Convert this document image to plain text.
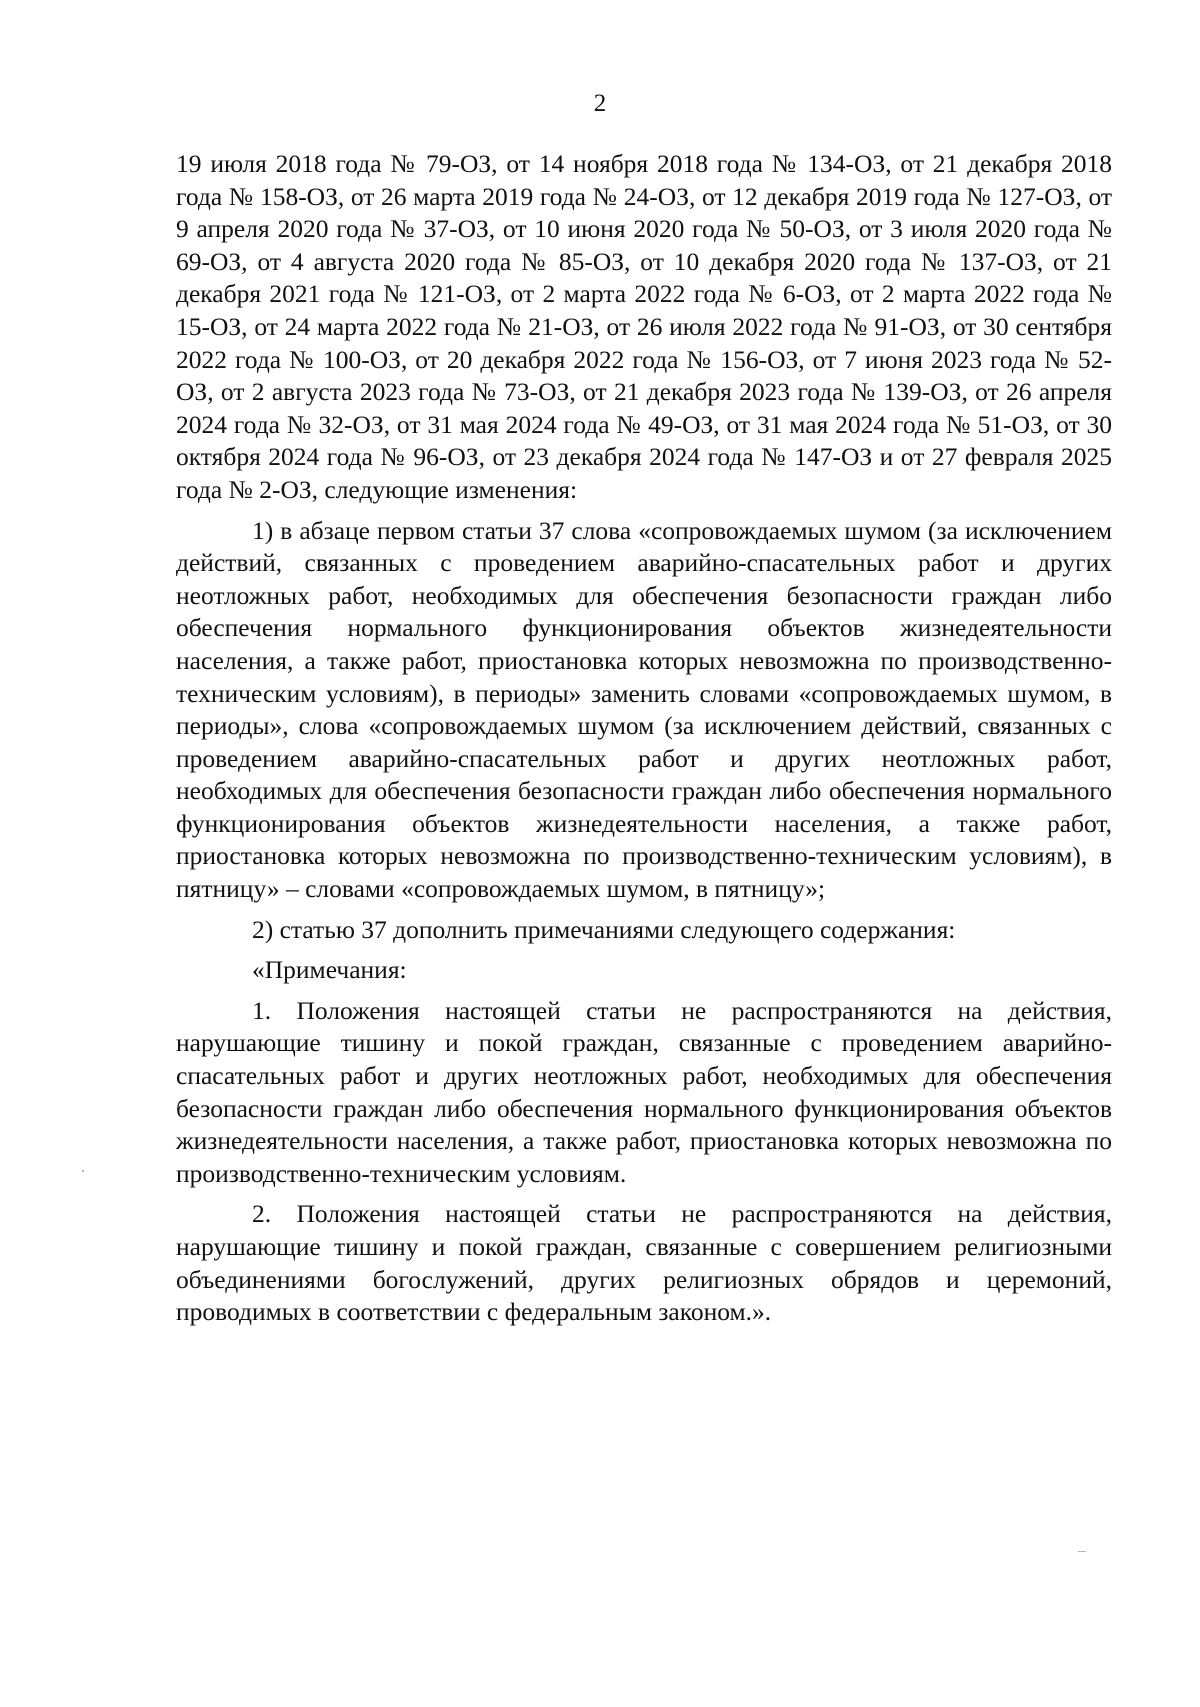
2

19 июля 2018 года № 79-ОЗ, от 14 ноября 2018 года № 134-ОЗ, от 21 декабря 2018 года № 158-ОЗ, от 26 марта 2019 года № 24-ОЗ, от 12 декабря 2019 года № 127-ОЗ, от 9 апреля 2020 года № 37-ОЗ, от 10 июня 2020 года № 50-ОЗ, от 3 июля 2020 года № 69-ОЗ, от 4 августа 2020 года № 85-ОЗ, от 10 декабря 2020 года № 137-ОЗ, от 21 декабря 2021 года № 121-ОЗ, от 2 марта 2022 года № 6-ОЗ, от 2 марта 2022 года № 15-ОЗ, от 24 марта 2022 года № 21-ОЗ, от 26 июля 2022 года № 91-ОЗ, от 30 сентября 2022 года № 100-ОЗ, от 20 декабря 2022 года № 156-ОЗ, от 7 июня 2023 года № 52-ОЗ, от 2 августа 2023 года № 73-ОЗ, от 21 декабря 2023 года № 139-ОЗ, от 26 апреля 2024 года № 32-ОЗ, от 31 мая 2024 года № 49-ОЗ, от 31 мая 2024 года № 51-ОЗ, от 30 октября 2024 года № 96-ОЗ, от 23 декабря 2024 года № 147-ОЗ и от 27 февраля 2025 года № 2-ОЗ, следующие изменения:

1) в абзаце первом статьи 37 слова «сопровождаемых шумом (за исключением действий, связанных с проведением аварийно-спасательных работ и других неотложных работ, необходимых для обеспечения безопасности граждан либо обеспечения нормального функционирования объектов жизнедеятельности населения, а также работ, приостановка которых невозможна по производственно-техническим условиям), в периоды» заменить словами «сопровождаемых шумом, в периоды», слова «сопровождаемых шумом (за исключением действий, связанных с проведением аварийно-спасательных работ и других неотложных работ, необходимых для обеспечения безопасности граждан либо обеспечения нормального функционирования объектов жизнедеятельности населения, а также работ, приостановка которых невозможна по производственно-техническим условиям), в пятницу» – словами «сопровождаемых шумом, в пятницу»;

2) статью 37 дополнить примечаниями следующего содержания:

«Примечания:

1. Положения настоящей статьи не распространяются на действия, нарушающие тишину и покой граждан, связанные с проведением аварийно-спасательных работ и других неотложных работ, необходимых для обеспечения безопасности граждан либо обеспечения нормального функционирования объектов жизнедеятельности населения, а также работ, приостановка которых невозможна по производственно-техническим условиям.

2. Положения настоящей статьи не распространяются на действия, нарушающие тишину и покой граждан, связанные с совершением религиозными объединениями богослужений, других религиозных обрядов и церемоний, проводимых в соответствии с федеральным законом.».
